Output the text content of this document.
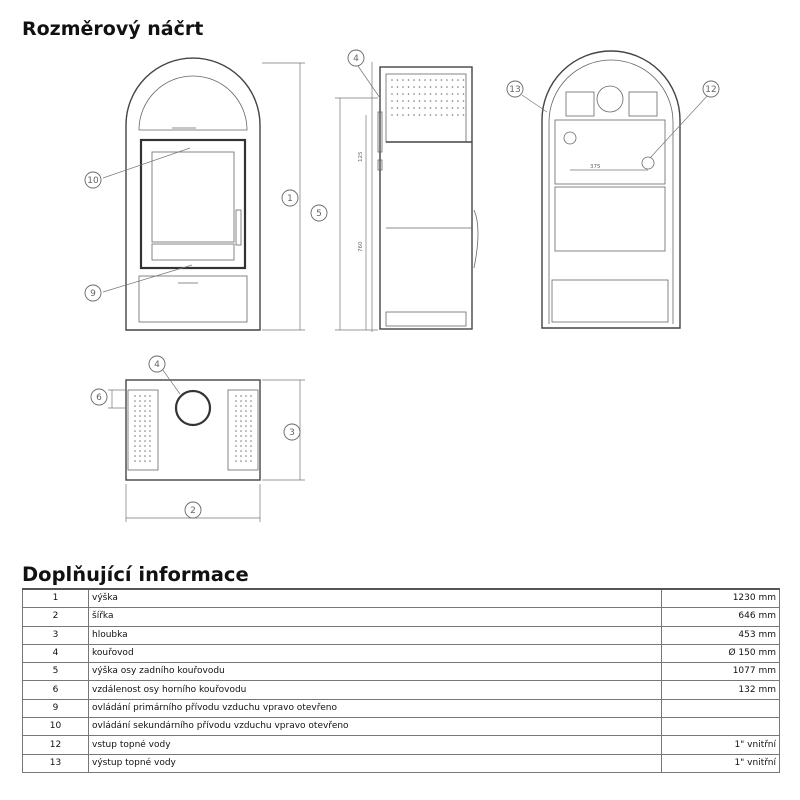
Rozměrový náčrt
125
760
375
1
10
9
4
5
13	12
4
6
3
2
Doplňující informace
1	výška	1230 mm
2	šířka	646 mm
3	hloubka	453 mm
4	kouřovod	Ø 150 mm
5	výška osy zadního kouřovodu	1077 mm
6	vzdálenost osy horního kouřovodu	132 mm
9	ovládání primárního přívodu vzduchu vpravo otevřeno	
10	ovládání sekundárního přívodu vzduchu vpravo otevřeno	
12	vstup topné vody	1" vnitřní
13	výstup topné vody	1" vnitřní
